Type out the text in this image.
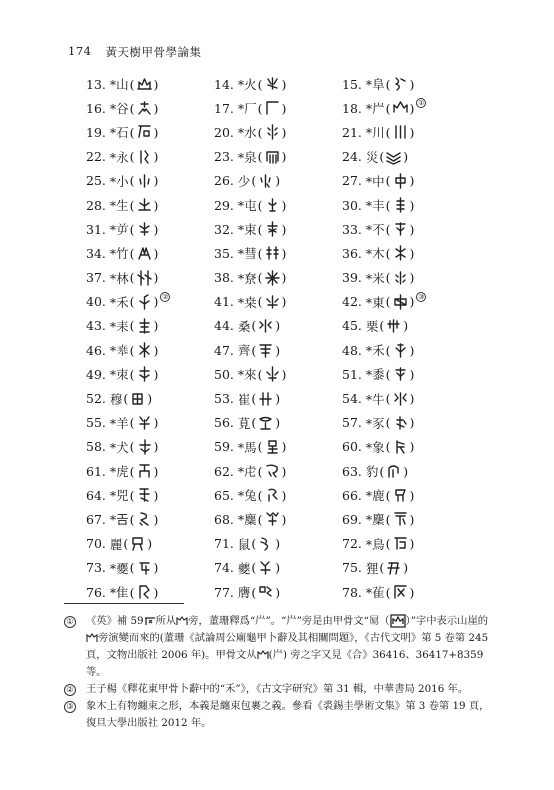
174 黃天樹甲骨學論集
13. *山 ( )	14. *火 ( )	15. *阜 ( )
16. *谷 ( )	17. *厂 ( )	18. *屵 ( ) ①
19. *石 ( )	20. *水 ( )	21. *川 ( )
22. *永 ( )	23. *泉 ( )	24. 災 ( )
25. *小 ( )	26. 少 ( )	27. *中 ( )
28. *生 ( )	29. *屯 ( )	30. *丰 ( )
31. *屰 ( )	32. *束 ( )	33. *不 ( )
34. *竹 ( )	35. *彗 ( )	36. *木 ( )
37. *林 ( )	38. *尞 ( )	39. *米 ( )
40. *禾 ( ) ②	41. *桒 ( )	42. *東 ( ) ③
43. *耒 ( )	44. 桑 ( )	45. 栗 ( )
46. *𠦪 ( )	47. 齊 ( )	48. *禾 ( )
49. *朿 ( )	50. *來 ( )	51. *黍 ( )
52. 穆 ( )	53. 崔 ( )	54. *牛 ( )
55. *羊 ( )	56. 莧 ( )	57. *豕 ( )
58. *犬 ( )	59. *馬 ( )	60. *象 ( )
61. *虎 ( )	62. *虍 ( )	63. 豹 ( )
64. *兕 ( )	65. *兔 ( )	66. *鹿 ( )
67. *𢀛 ( )	68. *麋 ( )	69. *麇 ( )
70. 麗 ( )	71. 鼠 ( )	72. *鳥 ( )
73. *夒 ( )	74. 夔 ( )	75. 狸 ( )
76. *隹 ( )	77. 膺 ( )	78. *雈 ( )
①	《英》補 59 所从 旁，董珊釋爲“屵”。“屵”旁是由甲骨文“𡱿（ ）”字中表示山崖的
旁演變而來的(董珊《試論周公廟龜甲卜辭及其相關問題》，《古代文明》第 5 卷第 245 頁，文物出版社 2006 年)。甲骨文从 (屵) 旁之字又見《合》36416、36417+8359 等。
②	王子楊《釋花東甲骨卜辭中的“禾”》，《古文字研究》第 31 輯，中華書局 2016 年。
③	象木上有物纏束之形，本義是纏束包裹之義。參看《裘錫圭學術文集》第 3 卷第 19 頁，復旦大學出版社 2012 年。
